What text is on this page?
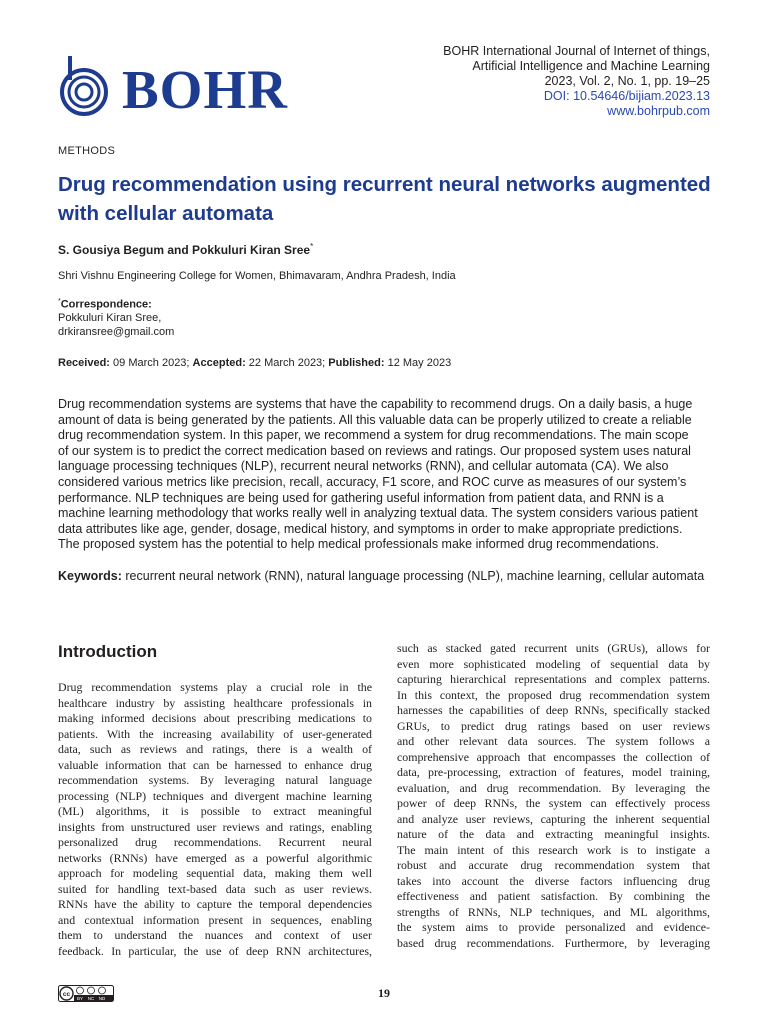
BOHR
BOHR International Journal of Internet of things,
Artificial Intelligence and Machine Learning
2023, Vol. 2, No. 1, pp. 19–25
DOI: 10.54646/bijiam.2023.13
www.bohrpub.com
METHODS
Drug recommendation using recurrent neural networks augmented with cellular automata
S. Gousiya Begum and Pokkuluri Kiran Sree*
Shri Vishnu Engineering College for Women, Bhimavaram, Andhra Pradesh, India
*Correspondence:
Pokkuluri Kiran Sree,
drkiransree@gmail.com
Received: 09 March 2023; Accepted: 22 March 2023; Published: 12 May 2023
Drug recommendation systems are systems that have the capability to recommend drugs. On a daily basis, a huge
amount of data is being generated by the patients. All this valuable data can be properly utilized to create a reliable
drug recommendation system. In this paper, we recommend a system for drug recommendations. The main scope
of our system is to predict the correct medication based on reviews and ratings. Our proposed system uses natural
language processing techniques (NLP), recurrent neural networks (RNN), and cellular automata (CA). We also
considered various metrics like precision, recall, accuracy, F1 score, and ROC curve as measures of our system’s
performance. NLP techniques are being used for gathering useful information from patient data, and RNN is a
machine learning methodology that works really well in analyzing textual data. The system considers various patient
data attributes like age, gender, dosage, medical history, and symptoms in order to make appropriate predictions.
The proposed system has the potential to help medical professionals make informed drug recommendations.
Keywords: recurrent neural network (RNN), natural language processing (NLP), machine learning, cellular automata
Introduction
Drug recommendation systems play a crucial role in the
healthcare industry by assisting healthcare professionals in
making informed decisions about prescribing medications to
patients. With the increasing availability of user-generated
data, such as reviews and ratings, there is a wealth of
valuable information that can be harnessed to enhance drug
recommendation systems. By leveraging natural language
processing (NLP) techniques and divergent machine learning
(ML) algorithms, it is possible to extract meaningful
insights from unstructured user reviews and ratings, enabling
personalized drug recommendations. Recurrent neural
networks (RNNs) have emerged as a powerful algorithmic
approach for modeling sequential data, making them well
suited for handling text-based data such as user reviews.
RNNs have the ability to capture the temporal dependencies
and contextual information present in sequences, enabling
them to understand the nuances and context of user
feedback. In particular, the use of deep RNN architectures,
such as stacked gated recurrent units (GRUs), allows for
even more sophisticated modeling of sequential data by
capturing hierarchical representations and complex patterns.
In this context, the proposed drug recommendation system
harnesses the capabilities of deep RNNs, specifically stacked
GRUs, to predict drug ratings based on user reviews
and other relevant data sources. The system follows a
comprehensive approach that encompasses the collection of
data, pre-processing, extraction of features, model training,
evaluation, and drug recommendation. By leveraging the
power of deep RNNs, the system can effectively process
and analyze user reviews, capturing the inherent sequential
nature of the data and extracting meaningful insights.
The main intent of this research work is to instigate a
robust and accurate drug recommendation system that
takes into account the diverse factors influencing drug
effectiveness and patient satisfaction. By combining the
strengths of RNNs, NLP techniques, and ML algorithms,
the system aims to provide personalized and evidence-
based drug recommendations. Furthermore, by leveraging
cc
BY NC ND	19
